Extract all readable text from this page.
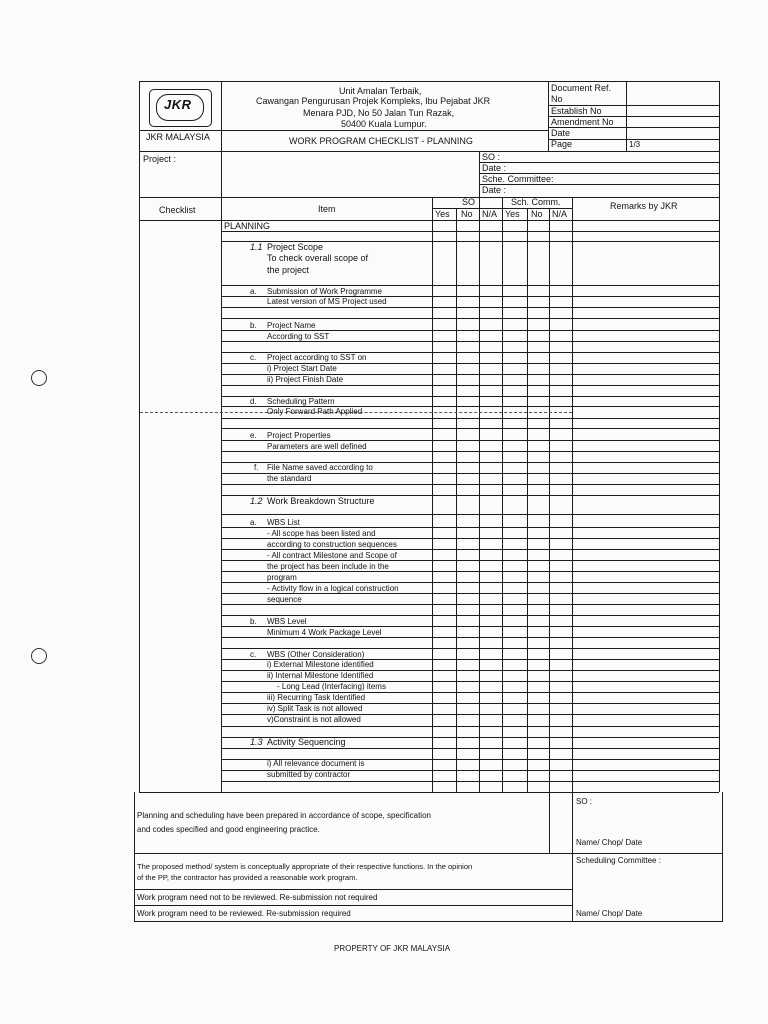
JKR
JKR MALAYSIA
Unit Amalan Terbaik,
Cawangan Pengurusan Projek Kompleks, Ibu Pejabat JKR
Menara PJD, No 50 Jalan Tun Razak,
50400 Kuala Lumpur.
WORK PROGRAM CHECKLIST - PLANNING
Document Ref.
No
Establish No
Amendment No
Date
Page	1/3
Project :	SO :
Date :
Sche. Committee:
Date :
Checklist	Item
SO	Sch. Comm.
Yes No N/A Yes No N/A
Remarks by JKR
PLANNING
1.1 Project Scope
To check overall scope of
the project
a. Submission of Work Programme
Latest version of MS Project used
b. Project Name
According to SST
c. Project according to SST on
i) Project Start Date
ii) Project Finish Date
d. Scheduling Pattern
Only Forward Path Applied
e. Project Properties
Parameters are well defined
f. File Name saved according to
the standard
1.2 Work Breakdown Structure
a. WBS List
- All scope has been listed and
according to construction sequences
- All contract Milestone and Scope of
the project has been include in the
program
- Activity flow in a logical construction
sequence
b. WBS Level
Minimum 4 Work Package Level
c. WBS (Other Consideration)
i) External Milestone identified
ii) Internal Milestone Identified
- Long Lead (Interfacing) items
iii) Recurring Task Identified
iv) Split Task is not allowed
v)Constraint is not allowed
1.3 Activity Sequencing
i) All relevance document is
submitted by contractor
Planning and scheduling have been prepared in accordance of scope, specification
and codes specified and good engineering practice.
SO :
Name/ Chop/ Date
The proposed method/ system is conceptually appropriate of their respective functions. In the opinion
of the PP, the contractor has provided a reasonable work program.
Scheduling Committee :
Work program need not to be reviewed. Re-submission not required
Work program need to be reviewed. Re-submission required	Name/ Chop/ Date
PROPERTY OF JKR MALAYSIA
